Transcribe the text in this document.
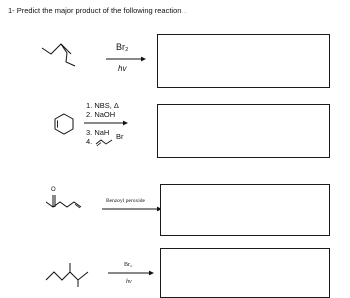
1- Predict the major product of the following reaction...
Br₂
hv
1. NBS, Δ
2. NaOH
3. NaH
4.
Br
O
Benzoyl peroxide
Br₂
hv
